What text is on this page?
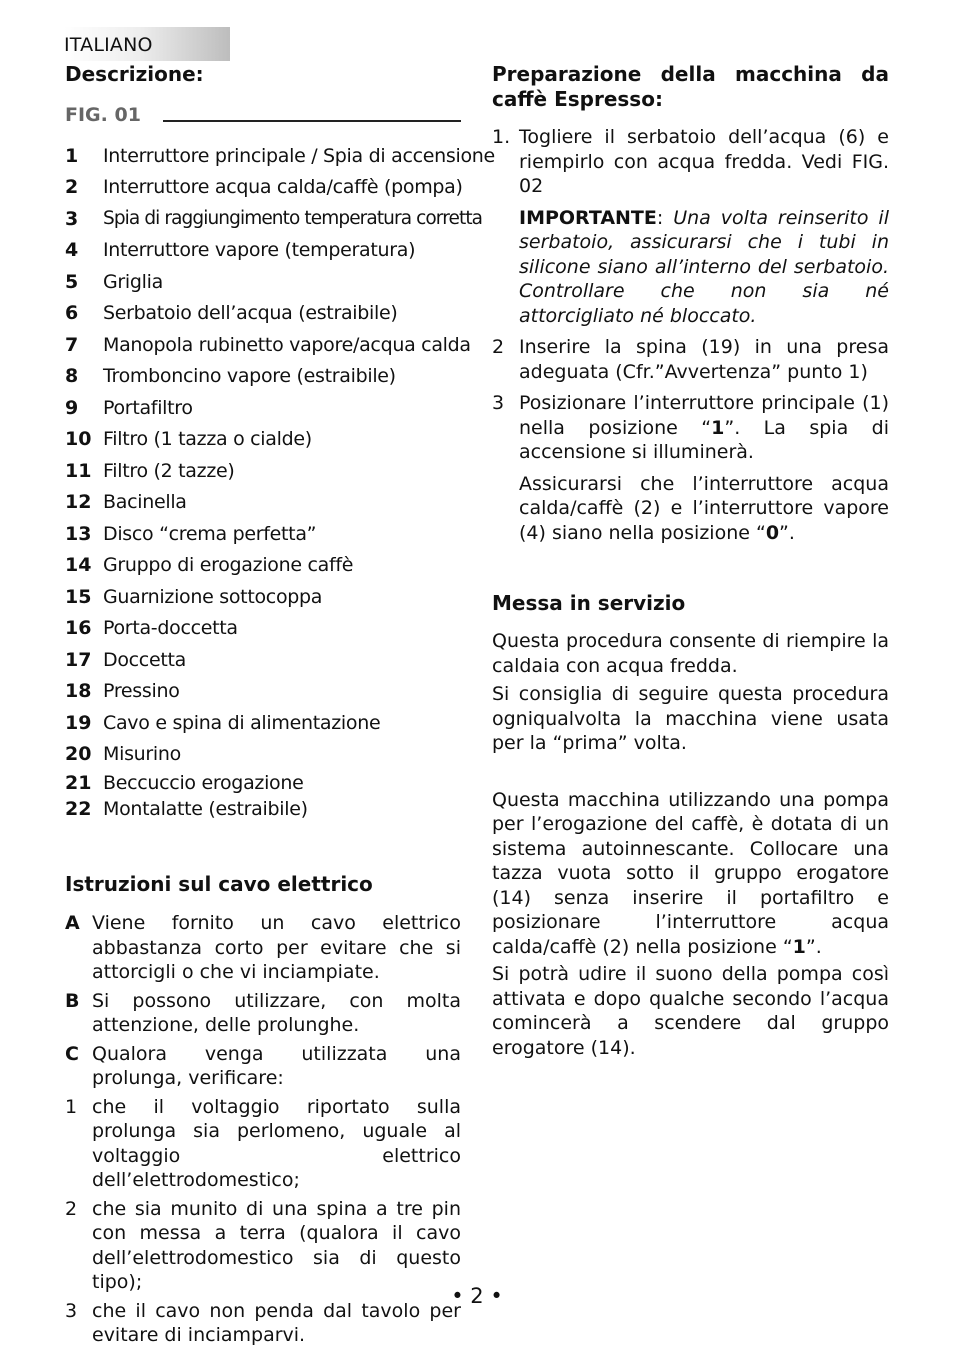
ITALIANO
Descrizione:
FIG. 01
1	Interruttore principale / Spia di accensione
2	Interruttore acqua calda/caffè (pompa)
3	Spia di raggiungimento temperatura corretta
4	Interruttore vapore (temperatura)
5	Griglia
6	Serbatoio dell’acqua (estraibile)
7	Manopola rubinetto vapore/acqua calda
8	Tromboncino vapore (estraibile)
9	Portafiltro
10 Filtro (1 tazza o cialde)
11 Filtro (2 tazze)
12 Bacinella
13 Disco “crema perfetta”
14 Gruppo di erogazione caffè
15 Guarnizione sottocoppa
16 Porta-doccetta
17 Doccetta
18 Pressino
19 Cavo e spina di alimentazione
20 Misurino
21 Beccuccio erogazione
22 Montalatte (estraibile)
Istruzioni sul cavo elettrico
A Viene fornito un cavo elettrico abbastanza corto per evitare che si attorcigli o che vi inciampiate.
B Si possono utilizzare, con molta attenzione, delle prolunghe.
C Qualora venga utilizzata una prolunga, verificare:
1 che il voltaggio riportato sulla prolunga sia perlomeno, uguale al voltaggio elettrico dell’elettrodomestico;
2 che sia munito di una spina a tre pin con messa a terra (qualora il cavo dell’elettrodomestico sia di questo tipo);
3 che il cavo non penda dal tavolo per evitare di inciamparvi.
Preparazione della macchina da caffè Espresso:
1. Togliere il serbatoio dell’acqua (6) e riempirlo con acqua fredda. Vedi FIG. 02

IMPORTANTE: Una volta reinserito il serbatoio, assicurarsi che i tubi in silicone siano all’interno del serbatoio. Controllare che non sia né attorcigliato né bloccato.
2 Inserire la spina (19) in una presa adeguata (Cfr.”Avvertenza” punto 1)

3 Posizionare l’interruttore principale (1) nella posizione “1”. La spia di accensione si illuminerà.

Assicurarsi che l’interruttore acqua calda/caffè (2) e l’interruttore vapore (4) siano nella posizione “0”.
Messa in servizio

Questa procedura consente di riempire la caldaia con acqua fredda.

Si consiglia di seguire questa procedura ogniqualvolta la macchina viene usata per la “prima” volta.

Questa macchina utilizzando una pompa per l’erogazione del caffè, è dotata di un sistema autoinnescante. Collocare una tazza vuota sotto il gruppo erogatore (14) senza inserire il portafiltro e posizionare l’interruttore acqua calda/caffè (2) nella posizione “1”.

Si potrà udire il suono della pompa così attivata e dopo qualche secondo l’acqua comincerà a scendere dal gruppo erogatore (14).

• 2 •
